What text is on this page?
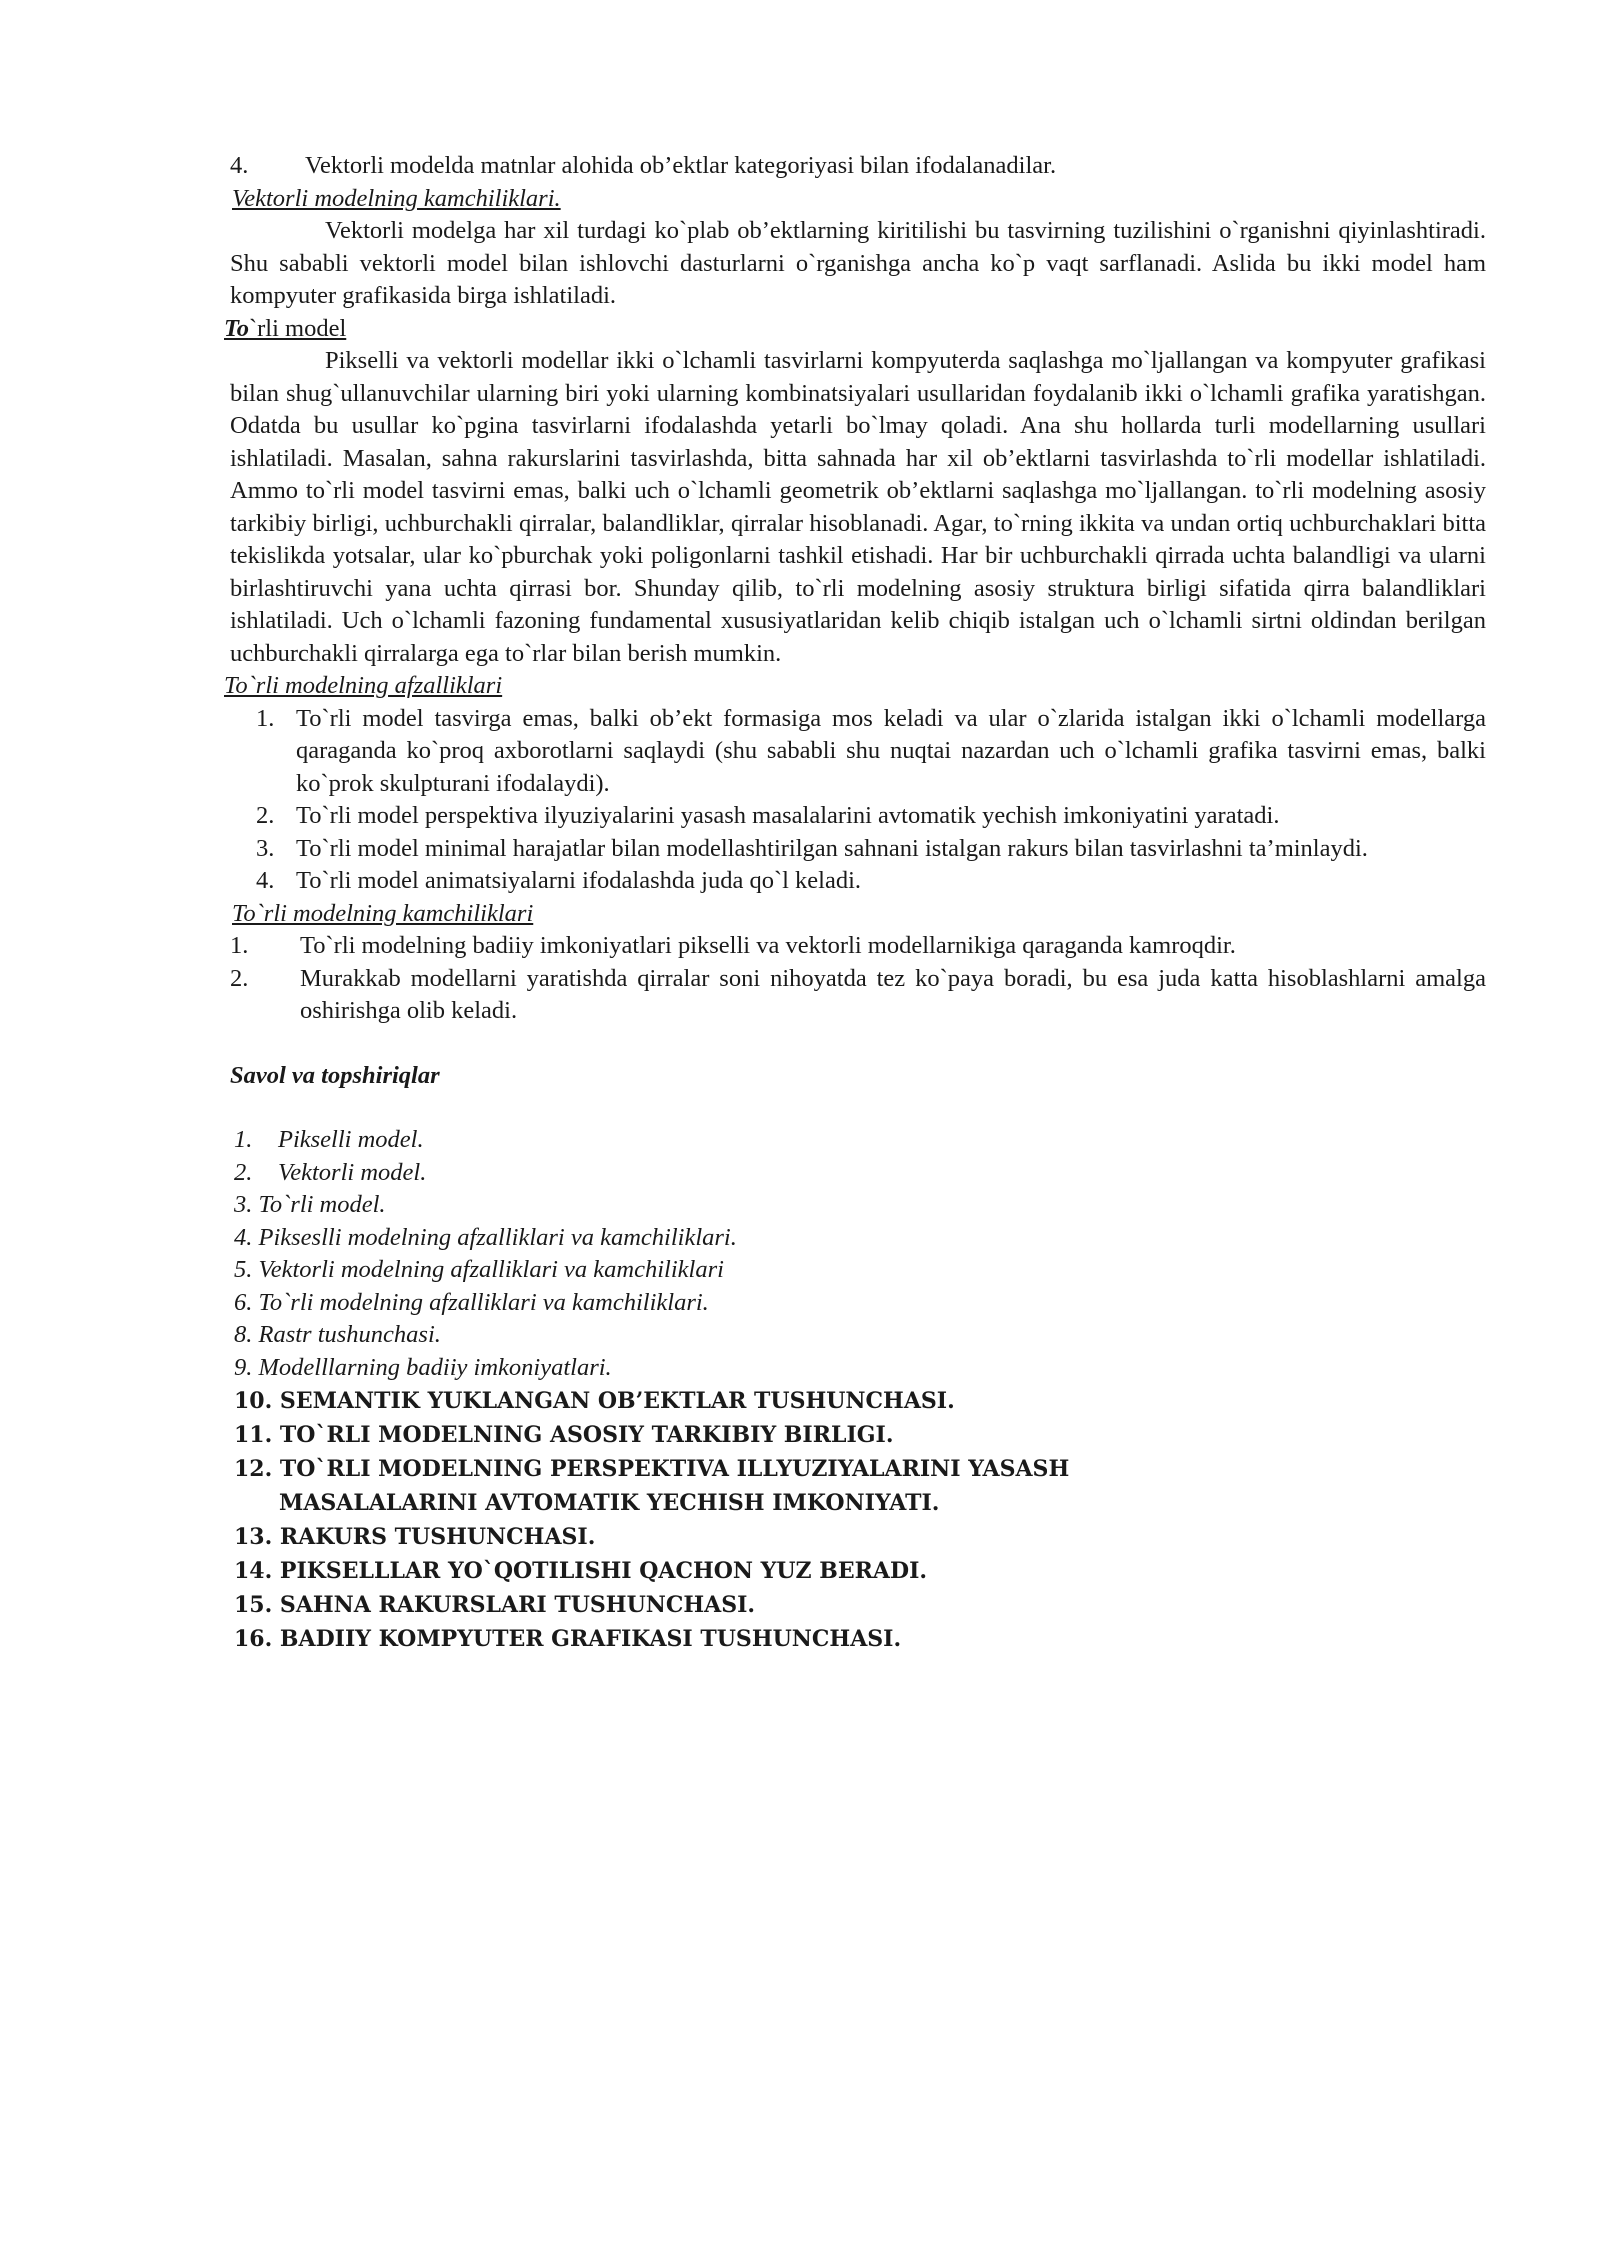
4. Vektorli modelda matnlar alohida ob’ektlar kategoriyasi bilan ifodalanadilar.

Vektorli modelning kamchiliklari.

Vektorli modelga har xil turdagi ko`plab ob’ektlarning kiritilishi bu tasvirning tuzilishini o`rganishni qiyinlashtiradi. Shu sababli vektorli model bilan ishlovchi dasturlarni o`rganishga ancha ko`p vaqt sarflanadi. Aslida bu ikki model ham kompyuter grafikasida birga ishlatiladi.

To`rli model

Pikselli va vektorli modellar ikki o`lchamli tasvirlarni kompyuterda saqlashga mo`ljallangan va kompyuter grafikasi bilan shug`ullanuvchilar ularning biri yoki ularning kombinatsiyalari usullaridan foydalanib ikki o`lchamli grafika yaratishgan. Odatda bu usullar ko`pgina tasvirlarni ifodalashda yetarli bo`lmay qoladi. Ana shu hollarda turli modellarning usullari ishlatiladi. Masalan, sahna rakurslarini tasvirlashda, bitta sahnada har xil ob’ektlarni tasvirlashda to`rli modellar ishlatiladi. Ammo to`rli model tasvirni emas, balki uch o`lchamli geometrik ob’ektlarni saqlashga mo`ljallangan. to`rli modelning asosiy tarkibiy birligi, uchburchakli qirralar, balandliklar, qirralar hisoblanadi. Agar, to`rning ikkita va undan ortiq uchburchaklari bitta tekislikda yotsalar, ular ko`pburchak yoki poligonlarni tashkil etishadi. Har bir uchburchakli qirrada uchta balandligi va ularni birlashtiruvchi yana uchta qirrasi bor. Shunday qilib, to`rli modelning asosiy struktura birligi sifatida qirra balandliklari ishlatiladi. Uch o`lchamli fazoning fundamental xususiyatlaridan kelib chiqib istalgan uch o`lchamli sirtni oldindan berilgan uchburchakli qirralarga ega to`rlar bilan berish mumkin.

To`rli modelning afzalliklari

1. To`rli model tasvirga emas, balki ob’ekt formasiga mos keladi va ular o`zlarida istalgan ikki o`lchamli modellarga qaraganda ko`proq axborotlarni saqlaydi (shu sababli shu nuqtai nazardan uch o`lchamli grafika tasvirni emas, balki ko`prok skulpturani ifodalaydi).
2. To`rli model perspektiva ilyuziyalarini yasash masalalarini avtomatik yechish imkoniyatini yaratadi.
3. To`rli model minimal harajatlar bilan modellashtirilgan sahnani istalgan rakurs bilan tasvirlashni ta’minlaydi.
4. To`rli model animatsiyalarni ifodalashda juda qo`l keladi.

To`rli modelning kamchiliklari

1. To`rli modelning badiiy imkoniyatlari pikselli va vektorli modellarnikiga qaraganda kamroqdir.
2. Murakkab modellarni yaratishda qirralar soni nihoyatda tez ko`paya boradi, bu esa juda katta hisoblashlarni amalga oshirishga olib keladi.

Savol va topshiriqlar

1. Pikselli model.

2. Vektorli model.

3. To`rli model.

4. Pikseslli modelning afzalliklari va kamchiliklari.

5. Vektorli modelning afzalliklari va kamchiliklari

6. To`rli modelning afzalliklari va kamchiliklari.

8. Rastr tushunchasi.

9. Modelllarning badiiy imkoniyatlari.

10. SEMANTIK YUKLANGAN OB’EKTLAR TUSHUNCHASI.

11. TO`RLI MODELNING ASOSIY TARKIBIY BIRLIGI.

12. TO`RLI MODELNING PERSPEKTIVA ILLYUZIYALARINI YASASH

MASALALARINI AVTOMATIK YECHISH IMKONIYATI.

13. RAKURS TUSHUNCHASI.

14. PIKSELLLAR YO`QOTILISHI QACHON YUZ BERADI.

15. SAHNA RAKURSLARI TUSHUNCHASI.

16. BADIIY KOMPYUTER GRAFIKASI TUSHUNCHASI.
